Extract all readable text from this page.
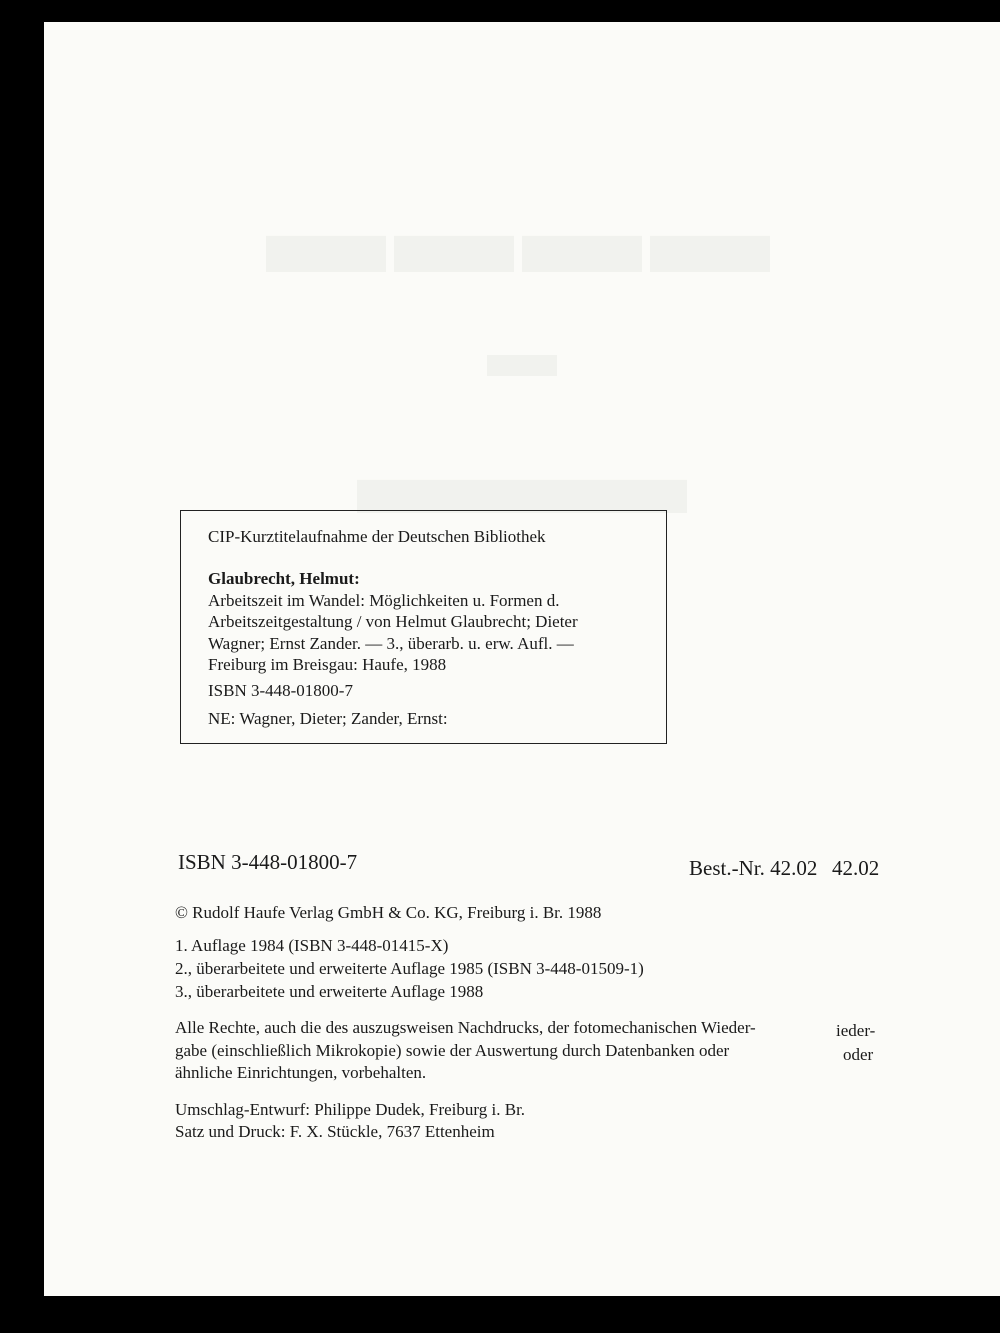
▬▬▬▬
▬
▬▬▬
CIP-Kurztitelaufnahme der Deutschen Bibliothek
Glaubrecht, Helmut:
Arbeitszeit im Wandel: Möglichkeiten u. Formen d.
Arbeitszeitgestaltung / von Helmut Glaubrecht; Dieter
Wagner; Ernst Zander. — 3., überarb. u. erw. Aufl. —
Freiburg im Breisgau: Haufe, 1988
ISBN 3-448-01800-7
NE: Wagner, Dieter; Zander, Ernst:
ISBN 3-448-01800-7	Best.-Nr. 42.02 42.02
© Rudolf Haufe Verlag GmbH & Co. KG, Freiburg i. Br. 1988
1. Auflage 1984 (ISBN 3-448-01415-X)
2., überarbeitete und erweiterte Auflage 1985 (ISBN 3-448-01509-1)
3., überarbeitete und erweiterte Auflage 1988
Alle Rechte, auch die des auszugsweisen Nachdrucks, der fotomechanischen Wieder-
gabe (einschließlich Mikrokopie) sowie der Auswertung durch Datenbanken oder
ähnliche Einrichtungen, vorbehalten.
ieder-
oder
Umschlag-Entwurf: Philippe Dudek, Freiburg i. Br.
Satz und Druck: F. X. Stückle, 7637 Ettenheim
